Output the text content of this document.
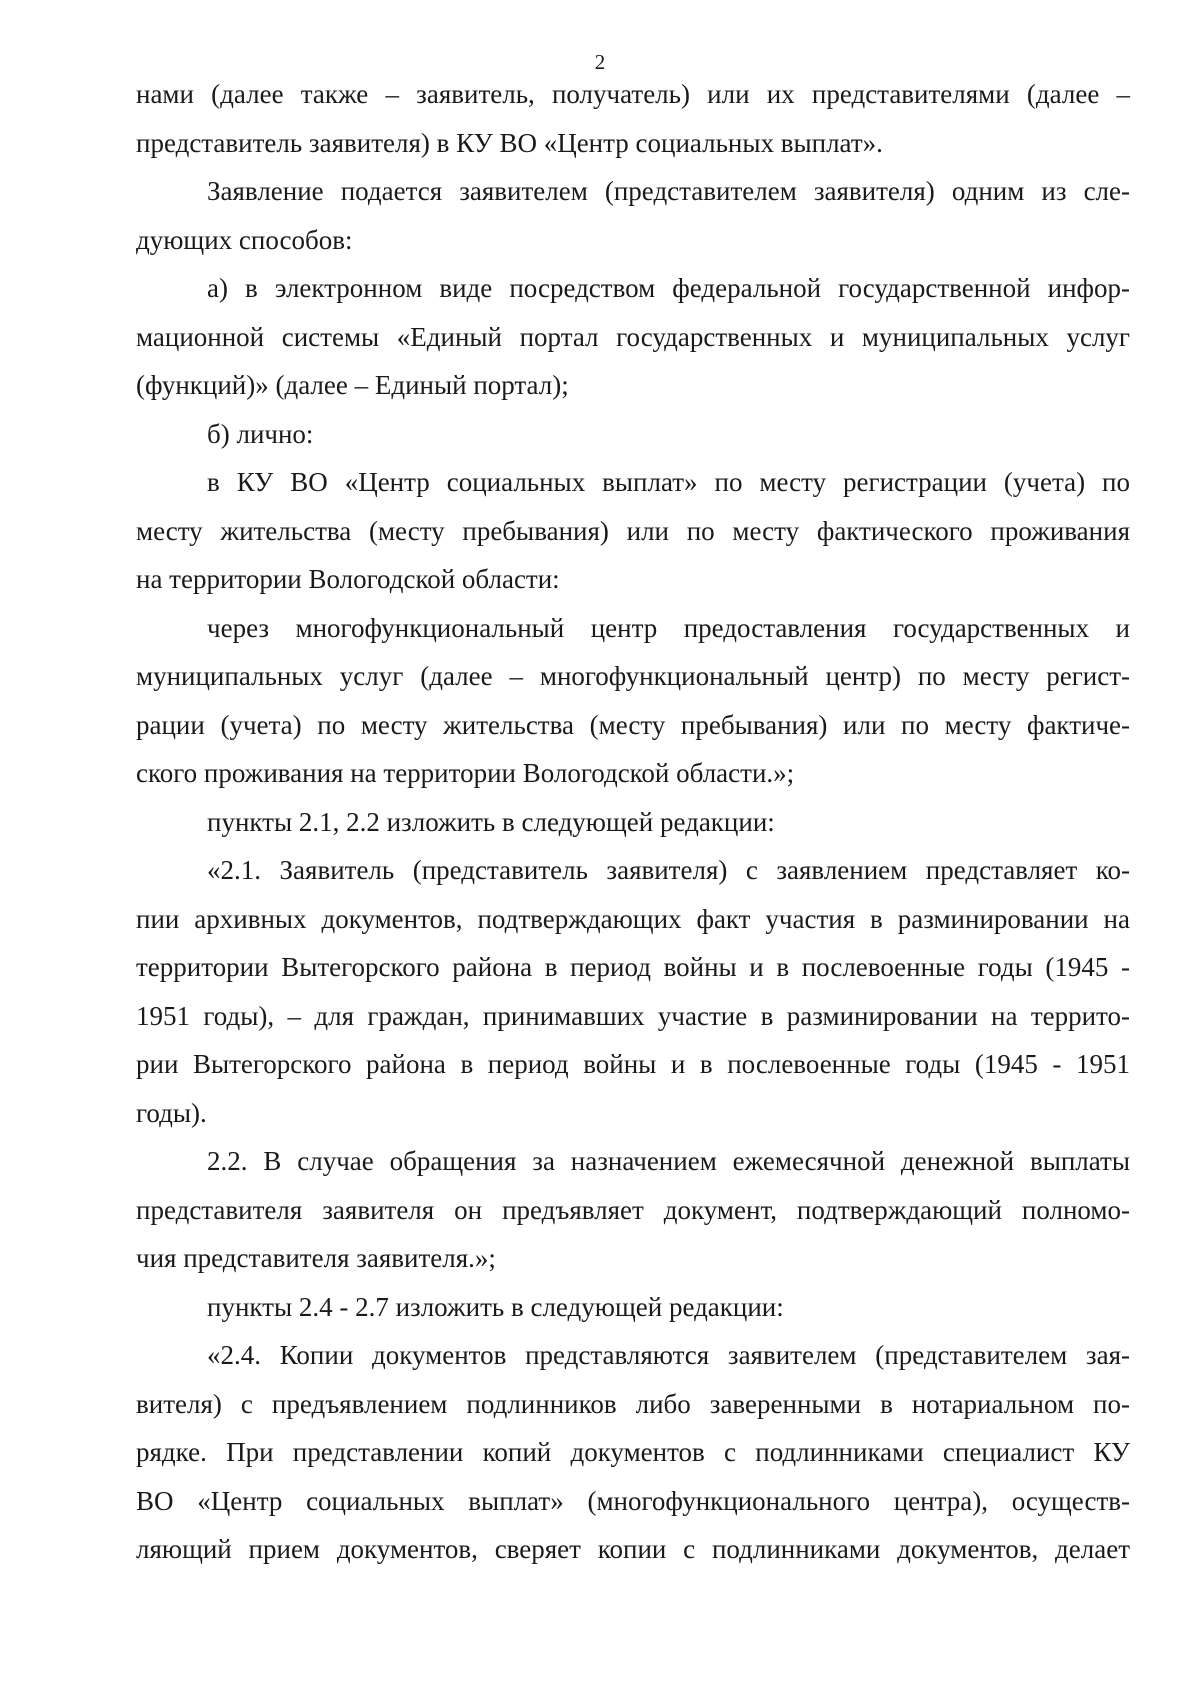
2
нами (далее также – заявитель, получатель) или их представителями (далее –
представитель заявителя) в КУ ВО «Центр социальных выплат».
Заявление подается заявителем (представителем заявителя) одним из сле-
дующих способов:
а) в электронном виде посредством федеральной государственной инфор-
мационной системы «Единый портал государственных и муниципальных услуг
(функций)» (далее – Единый портал);
б) лично:
в КУ ВО «Центр социальных выплат» по месту регистрации (учета) по
месту жительства (месту пребывания) или по месту фактического проживания
на территории Вологодской области:
через многофункциональный центр предоставления государственных и
муниципальных услуг (далее – многофункциональный центр) по месту регист-
рации (учета) по месту жительства (месту пребывания) или по месту фактиче-
ского проживания на территории Вологодской области.»;
пункты 2.1, 2.2 изложить в следующей редакции:
«2.1. Заявитель (представитель заявителя) с заявлением представляет ко-
пии архивных документов, подтверждающих факт участия в разминировании на
территории Вытегорского района в период войны и в послевоенные годы (1945 -
1951 годы), – для граждан, принимавших участие в разминировании на террито-
рии Вытегорского района в период войны и в послевоенные годы (1945 - 1951
годы).
2.2. В случае обращения за назначением ежемесячной денежной выплаты
представителя заявителя он предъявляет документ, подтверждающий полномо-
чия представителя заявителя.»;
пункты 2.4 - 2.7 изложить в следующей редакции:
«2.4. Копии документов представляются заявителем (представителем зая-
вителя) с предъявлением подлинников либо заверенными в нотариальном по-
рядке. При представлении копий документов с подлинниками специалист КУ
ВО «Центр социальных выплат» (многофункционального центра), осуществ-
ляющий прием документов, сверяет копии с подлинниками документов, делает
